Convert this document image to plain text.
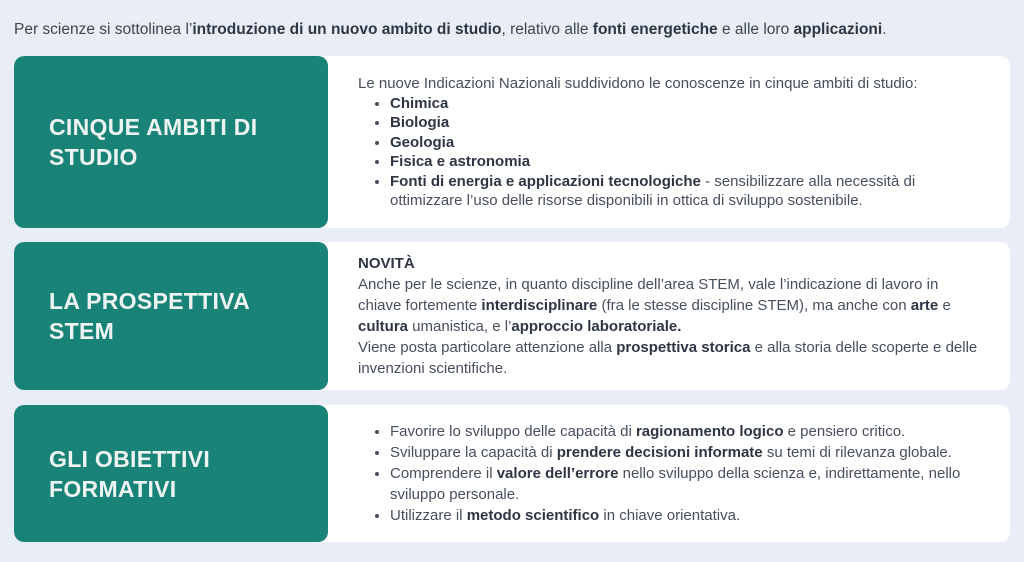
Per scienze si sottolinea l’introduzione di un nuovo ambito di studio, relativo alle fonti energetiche e alle loro applicazioni.

CINQUE AMBITI DI STUDIO

Le nuove Indicazioni Nazionali suddividono le conoscenze in cinque ambiti di studio:

• Chimica
• Biologia
• Geologia
• Fisica e astronomia
• Fonti di energia e applicazioni tecnologiche - sensibilizzare alla necessità di ottimizzare l’uso delle risorse disponibili in ottica di sviluppo sostenibile.
LA PROSPETTIVA STEM

NOVITÀ

Anche per le scienze, in quanto discipline dell’area STEM, vale l’indicazione di lavoro in chiave fortemente interdisciplinare (fra le stesse discipline STEM), ma anche con arte e cultura umanistica, e l’approccio laboratoriale.

Viene posta particolare attenzione alla prospettiva storica e alla storia delle scoperte e delle invenzioni scientifiche.

GLI OBIETTIVI FORMATIVI
• Favorire lo sviluppo delle capacità di ragionamento logico e pensiero critico.
• Sviluppare la capacità di prendere decisioni informate su temi di rilevanza globale.
• Comprendere il valore dell’errore nello sviluppo della scienza e, indirettamente, nello sviluppo personale.
• Utilizzare il metodo scientifico in chiave orientativa.
